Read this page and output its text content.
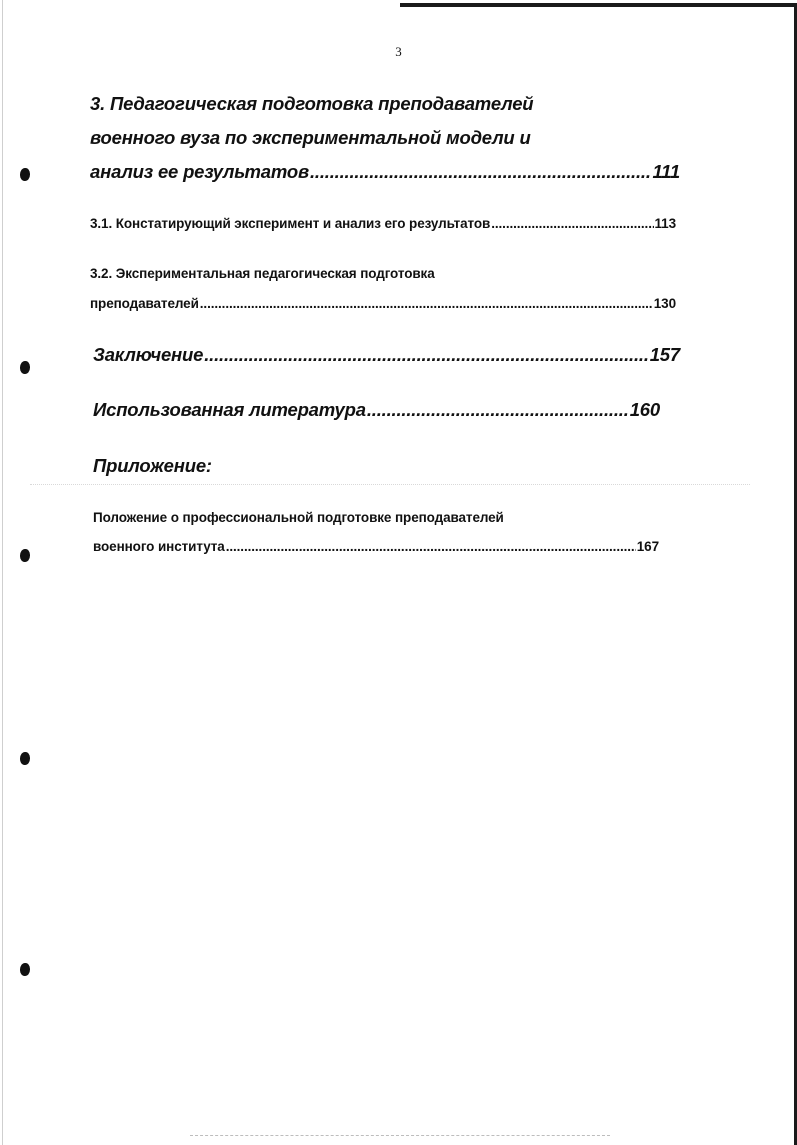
3
3. Педагогическая подготовка преподавателей
военного вуза по экспериментальной модели и
анализ ее результатов .....	111
3.1. Констатирующий эксперимент и анализ его результатов .....	113
3.2. Экспериментальная педагогическая подготовка
преподавателей .....	130
Заключение .....	157
Использованная литература .....	160
Приложение:
Положение о профессиональной подготовке преподавателей
военного института .....	167
